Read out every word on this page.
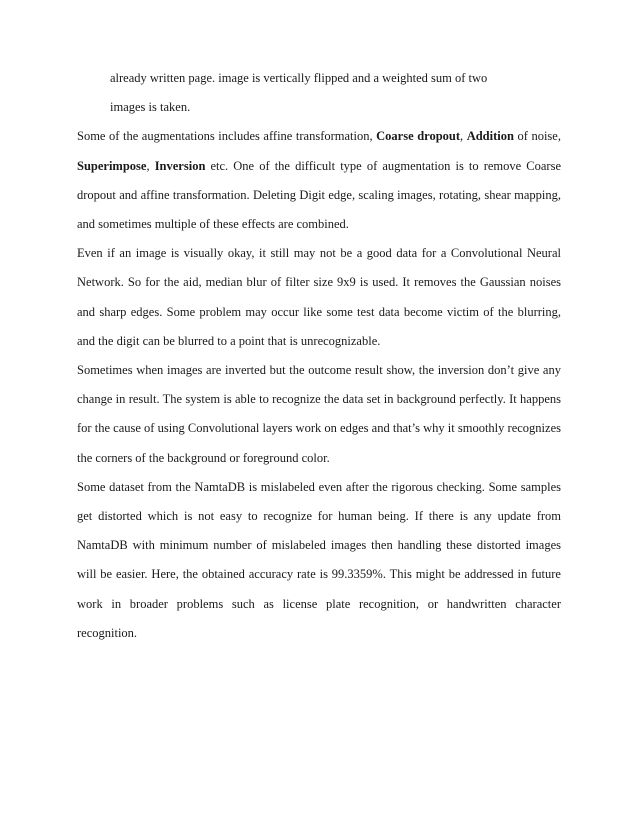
already written page. image is vertically flipped and a weighted sum of two
images is taken.

Some of the augmentations includes affine transformation, Coarse dropout, Addition of noise, Superimpose, Inversion etc. One of the difficult type of augmentation is to remove Coarse dropout and affine transformation. Deleting Digit edge, scaling images, rotating, shear mapping, and sometimes multiple of these effects are combined.

Even if an image is visually okay, it still may not be a good data for a Convolutional Neural Network. So for the aid, median blur of filter size 9x9 is used. It removes the Gaussian noises and sharp edges. Some problem may occur like some test data become victim of the blurring, and the digit can be blurred to a point that is unrecognizable.

Sometimes when images are inverted but the outcome result show, the inversion don’t give any change in result. The system is able to recognize the data set in background perfectly. It happens for the cause of using Convolutional layers work on edges and that’s why it smoothly recognizes the corners of the background or foreground color.

Some dataset from the NamtaDB is mislabeled even after the rigorous checking. Some samples get distorted which is not easy to recognize for human being. If there is any update from NamtaDB with minimum number of mislabeled images then handling these distorted images will be easier. Here, the obtained accuracy rate is 99.3359%. This might be addressed in future work in broader problems such as license plate recognition, or handwritten character recognition.
